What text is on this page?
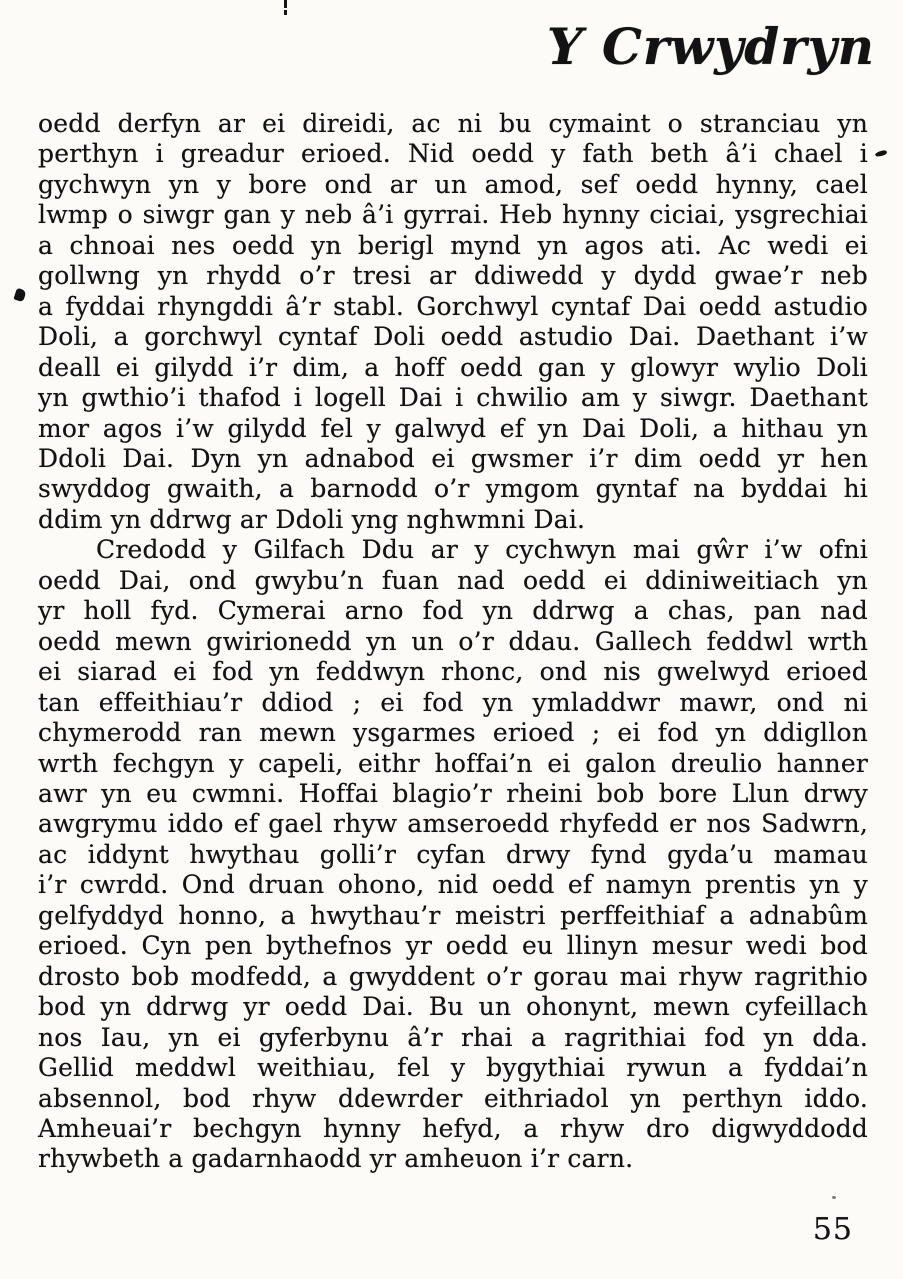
Y Crwydryn
oedd derfyn ar ei direidi, ac ni bu cymaint o stranciau yn
perthyn i greadur erioed. Nid oedd y fath beth â’i chael i
gychwyn yn y bore ond ar un amod, sef oedd hynny, cael
lwmp o siwgr gan y neb â’i gyrrai. Heb hynny ciciai, ysgrechiai
a chnoai nes oedd yn berigl mynd yn agos ati. Ac wedi ei
gollwng yn rhydd o’r tresi ar ddiwedd y dydd gwae’r neb
a fyddai rhyngddi â’r stabl. Gorchwyl cyntaf Dai oedd astudio
Doli, a gorchwyl cyntaf Doli oedd astudio Dai. Daethant i’w
deall ei gilydd i’r dim, a hoff oedd gan y glowyr wylio Doli
yn gwthio’i thafod i logell Dai i chwilio am y siwgr. Daethant
mor agos i’w gilydd fel y galwyd ef yn Dai Doli, a hithau yn
Ddoli Dai. Dyn yn adnabod ei gwsmer i’r dim oedd yr hen
swyddog gwaith, a barnodd o’r ymgom gyntaf na byddai hi
ddim yn ddrwg ar Ddoli yng nghwmni Dai.
Credodd y Gilfach Ddu ar y cychwyn mai gŵr i’w ofni
oedd Dai, ond gwybu’n fuan nad oedd ei ddiniweitiach yn
yr holl fyd. Cymerai arno fod yn ddrwg a chas, pan nad
oedd mewn gwirionedd yn un o’r ddau. Gallech feddwl wrth
ei siarad ei fod yn feddwyn rhonc, ond nis gwelwyd erioed
tan effeithiau’r ddiod ; ei fod yn ymladdwr mawr, ond ni
chymerodd ran mewn ysgarmes erioed ; ei fod yn ddigllon
wrth fechgyn y capeli, eithr hoffai’n ei galon dreulio hanner
awr yn eu cwmni. Hoffai blagio’r rheini bob bore Llun drwy
awgrymu iddo ef gael rhyw amseroedd rhyfedd er nos Sadwrn,
ac iddynt hwythau golli’r cyfan drwy fynd gyda’u mamau
i’r cwrdd. Ond druan ohono, nid oedd ef namyn prentis yn y
gelfyddyd honno, a hwythau’r meistri perffeithiaf a adnabûm
erioed. Cyn pen bythefnos yr oedd eu llinyn mesur wedi bod
drosto bob modfedd, a gwyddent o’r gorau mai rhyw ragrithio
bod yn ddrwg yr oedd Dai. Bu un ohonynt, mewn cyfeillach
nos Iau, yn ei gyferbynu â’r rhai a ragrithiai fod yn dda.
Gellid meddwl weithiau, fel y bygythiai rywun a fyddai’n
absennol, bod rhyw ddewrder eithriadol yn perthyn iddo.
Amheuai’r bechgyn hynny hefyd, a rhyw dro digwyddodd
rhywbeth a gadarnhaodd yr amheuon i’r carn.
55
